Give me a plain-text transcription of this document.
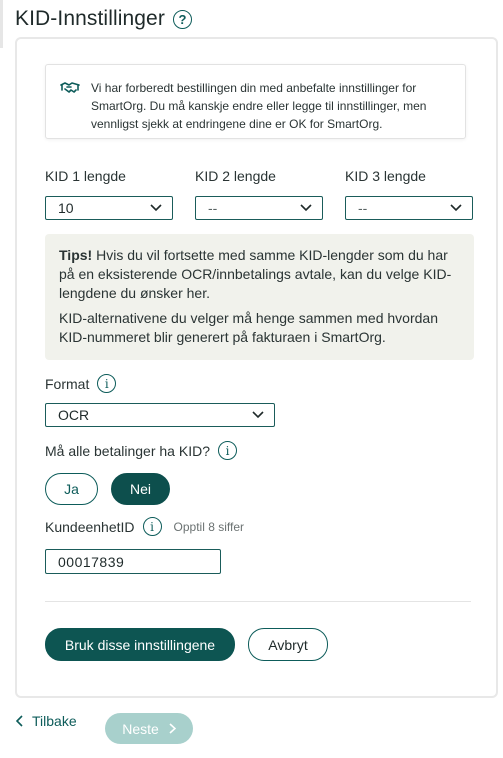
KID-Innstillinger	?
Vi har forberedt bestillingen din med anbefalte innstillinger for SmartOrg. Du må kanskje endre eller legge til innstillinger, men vennligst sjekk at endringene dine er OK for SmartOrg.
KID 1 lengde	KID 2 lengde	KID 3 lengde
10	--	--

Tips! Hvis du vil fortsette med samme KID-lengder som du har på en eksisterende OCR/innbetalings avtale, kan du velge KID-lengdene du ønsker her.

KID-alternativene du velger må henge sammen med hvordan KID-nummeret blir generert på fakturaen i SmartOrg.

Format	i
OCR
Må alle betalinger ha KID?	i
Ja	Nei
KundeenhetID	i	Opptil 8 siffer
00017839
Bruk disse innstillingene	Avbryt
Tilbake	Neste
